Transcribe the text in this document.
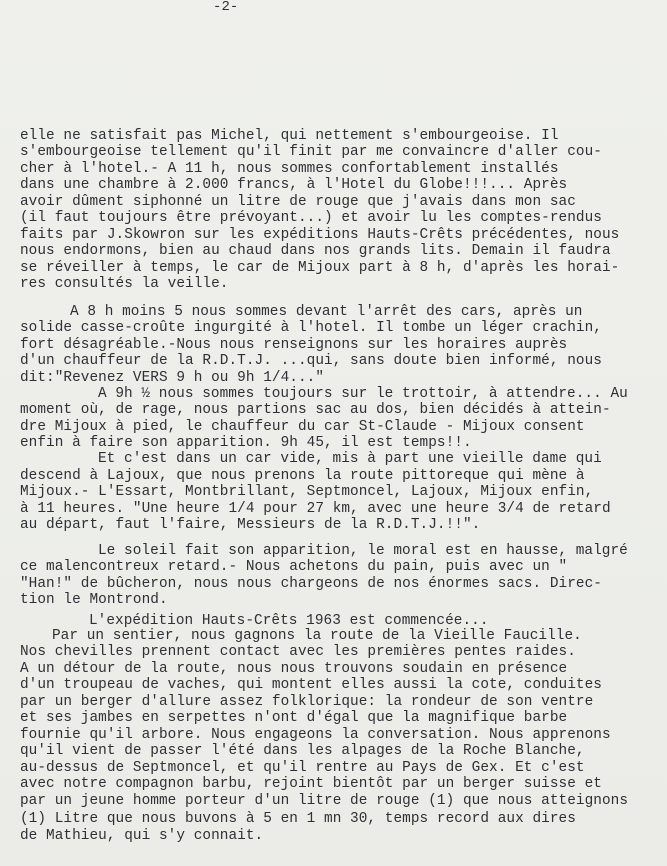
-2-
elle ne satisfait pas Michel, qui nettement s'embourgeoise. Il
s'embourgeoise tellement qu'il finit par me convaincre d'aller cou-
cher à l'hotel.- A 11 h, nous sommes confortablement installés
dans une chambre à 2.000 francs, à l'Hotel du Globe!!!... Après
avoir dûment siphonné un litre de rouge que j'avais dans mon sac
(il faut toujours être prévoyant...) et avoir lu les comptes-rendus
faits par J.Skowron sur les expéditions Hauts-Crêts précédentes, nous
nous endormons, bien au chaud dans nos grands lits. Demain il faudra
se réveiller à temps, le car de Mijoux part à 8 h, d'après les horai-
res consultés la veille.
A 8 h moins 5 nous sommes devant l'arrêt des cars, après un
solide casse-croûte ingurgité à l'hotel. Il tombe un léger crachin,
fort désagréable.-Nous nous renseignons sur les horaires auprès
d'un chauffeur de la R.D.T.J. ...qui, sans doute bien informé, nous
dit:"Revenez VERS 9 h ou 9h 1/4..."
A 9h ½ nous sommes toujours sur le trottoir, à attendre... Au
moment où, de rage, nous partions sac au dos, bien décidés à attein-
dre Mijoux à pied, le chauffeur du car St-Claude - Mijoux consent
enfin à faire son apparition. 9h 45, il est temps!!.
Et c'est dans un car vide, mis à part une vieille dame qui
descend à Lajoux, que nous prenons la route pittoreque qui mène à
Mijoux.- L'Essart, Montbrillant, Septmoncel, Lajoux, Mijoux enfin,
à 11 heures. "Une heure 1/4 pour 27 km, avec une heure 3/4 de retard
au départ, faut l'faire, Messieurs de la R.D.T.J.!!".
Le soleil fait son apparition, le moral est en hausse, malgré
ce malencontreux retard.- Nous achetons du pain, puis avec un "
"Han!" de bûcheron, nous nous chargeons de nos énormes sacs. Direc-
tion le Montrond.
L'expédition Hauts-Crêts 1963 est commencée...
Par un sentier, nous gagnons la route de la Vieille Faucille.
Nos chevilles prennent contact avec les premières pentes raides.
A un détour de la route, nous nous trouvons soudain en présence
d'un troupeau de vaches, qui montent elles aussi la cote, conduites
par un berger d'allure assez folklorique: la rondeur de son ventre
et ses jambes en serpettes n'ont d'égal que la magnifique barbe
fournie qu'il arbore. Nous engageons la conversation. Nous apprenons
qu'il vient de passer l'été dans les alpages de la Roche Blanche,
au-dessus de Septmoncel, et qu'il rentre au Pays de Gex. Et c'est
avec notre compagnon barbu, rejoint bientôt par un berger suisse et
par un jeune homme porteur d'un litre de rouge (1) que nous atteignons
(1) Litre que nous buvons à 5 en 1 mn 30, temps record aux dires
de Mathieu, qui s'y connait.
